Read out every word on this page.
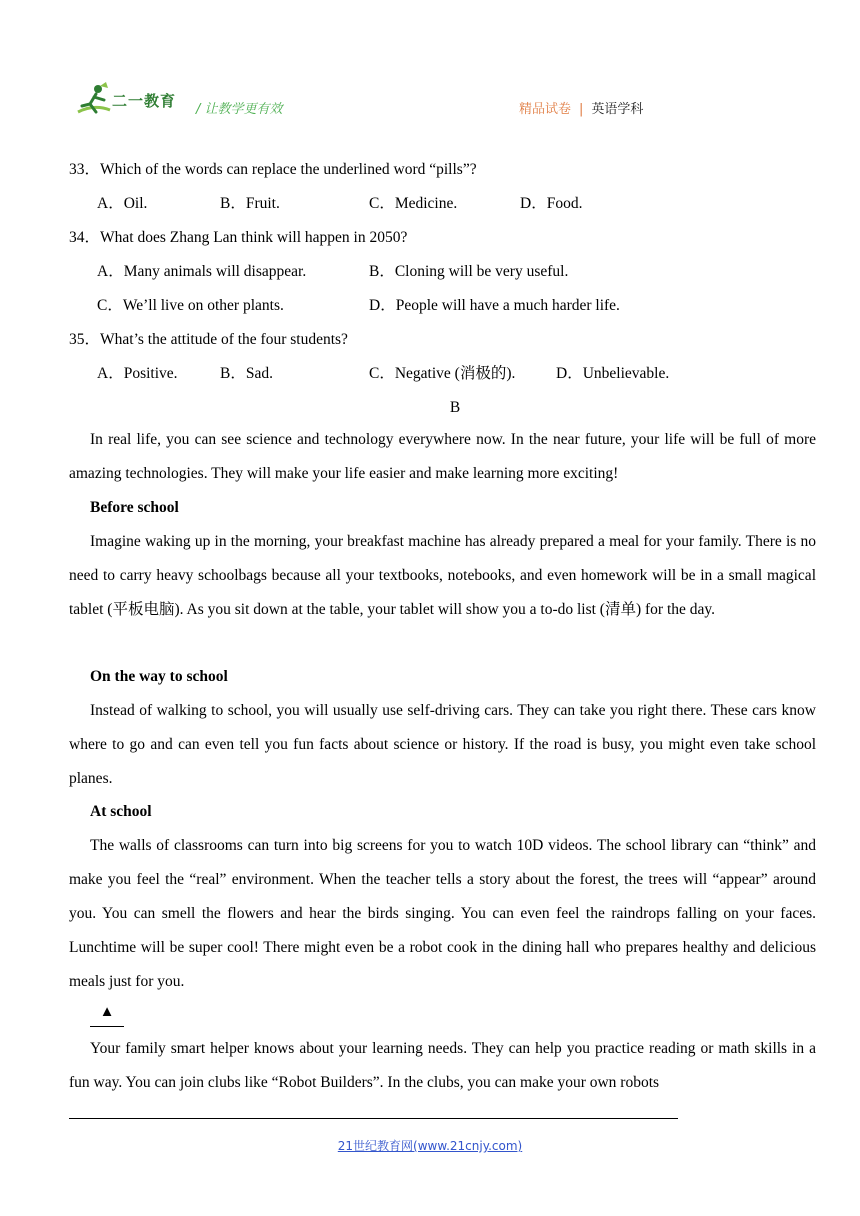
二一教育 / 让教学更有效	精品试卷 | 英语学科
33．Which of the words can replace the underlined word “pills”?
A．Oil.	B．Fruit.	C．Medicine.	D．Food.
34．What does Zhang Lan think will happen in 2050?
A．Many animals will disappear.	B．Cloning will be very useful.
C．We’ll live on other plants.	D．People will have a much harder life.
35．What’s the attitude of the four students?
A．Positive.	B．Sad.	C．Negative (消极的).	D．Unbelievable.
B
In real life, you can see science and technology everywhere now. In the near future, your life will be full of more amazing technologies. They will make your life easier and make learning more exciting!
Before school
Imagine waking up in the morning, your breakfast machine has already prepared a meal for your family. There is no need to carry heavy schoolbags because all your textbooks, notebooks, and even homework will be in a small magical tablet (平板电脑). As you sit down at the table, your tablet will show you a to-do list (清单) for the day.
On the way to school
Instead of walking to school, you will usually use self-driving cars. They can take you right there. These cars know where to go and can even tell you fun facts about science or history. If the road is busy, you might even take school planes.
At school
The walls of classrooms can turn into big screens for you to watch 10D videos. The school library can “think” and make you feel the “real” environment. When the teacher tells a story about the forest, the trees will “appear” around you. You can smell the flowers and hear the birds singing. You can even feel the raindrops falling on your faces. Lunchtime will be super cool! There might even be a robot cook in the dining hall who prepares healthy and delicious meals just for you.
▲
Your family smart helper knows about your learning needs. They can help you practice reading or math skills in a fun way. You can join clubs like “Robot Builders”. In the clubs, you can make your own robots
21世纪教育网(www.21cnjy.com)
